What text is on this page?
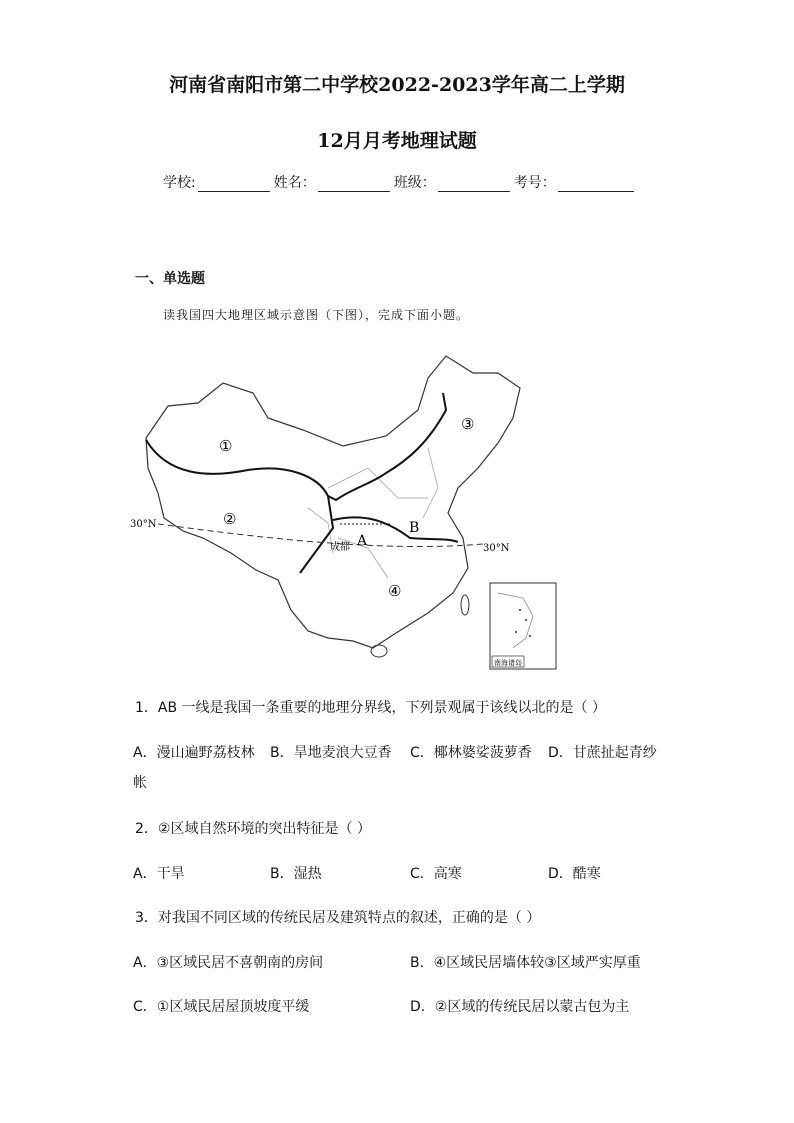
河南省南阳市第二中学校2022-2023学年高二上学期
12月月考地理试题
学校:	姓名：	班级：	考号：
一、单选题
读我国四大地理区域示意图（下图），完成下面小题。
南海诸岛
①
②
③
④
A
B
成都
30°N
30°N
1．AB 一线是我国一条重要的地理分界线，下列景观属于该线以北的是（ ）
A．漫山遍野荔枝林 B．旱地麦浪大豆香 C．椰林婆娑菠萝香 D．甘蔗扯起青纱
帐
2．②区域自然环境的突出特征是（ ）
A．干旱	B．湿热	C．高寒	D．酷寒
3．对我国不同区域的传统民居及建筑特点的叙述，正确的是（ ）
A．③区域民居不喜朝南的房间	B．④区域民居墙体较③区域严实厚重
C．①区域民居屋顶坡度平缓	D．②区域的传统民居以蒙古包为主
